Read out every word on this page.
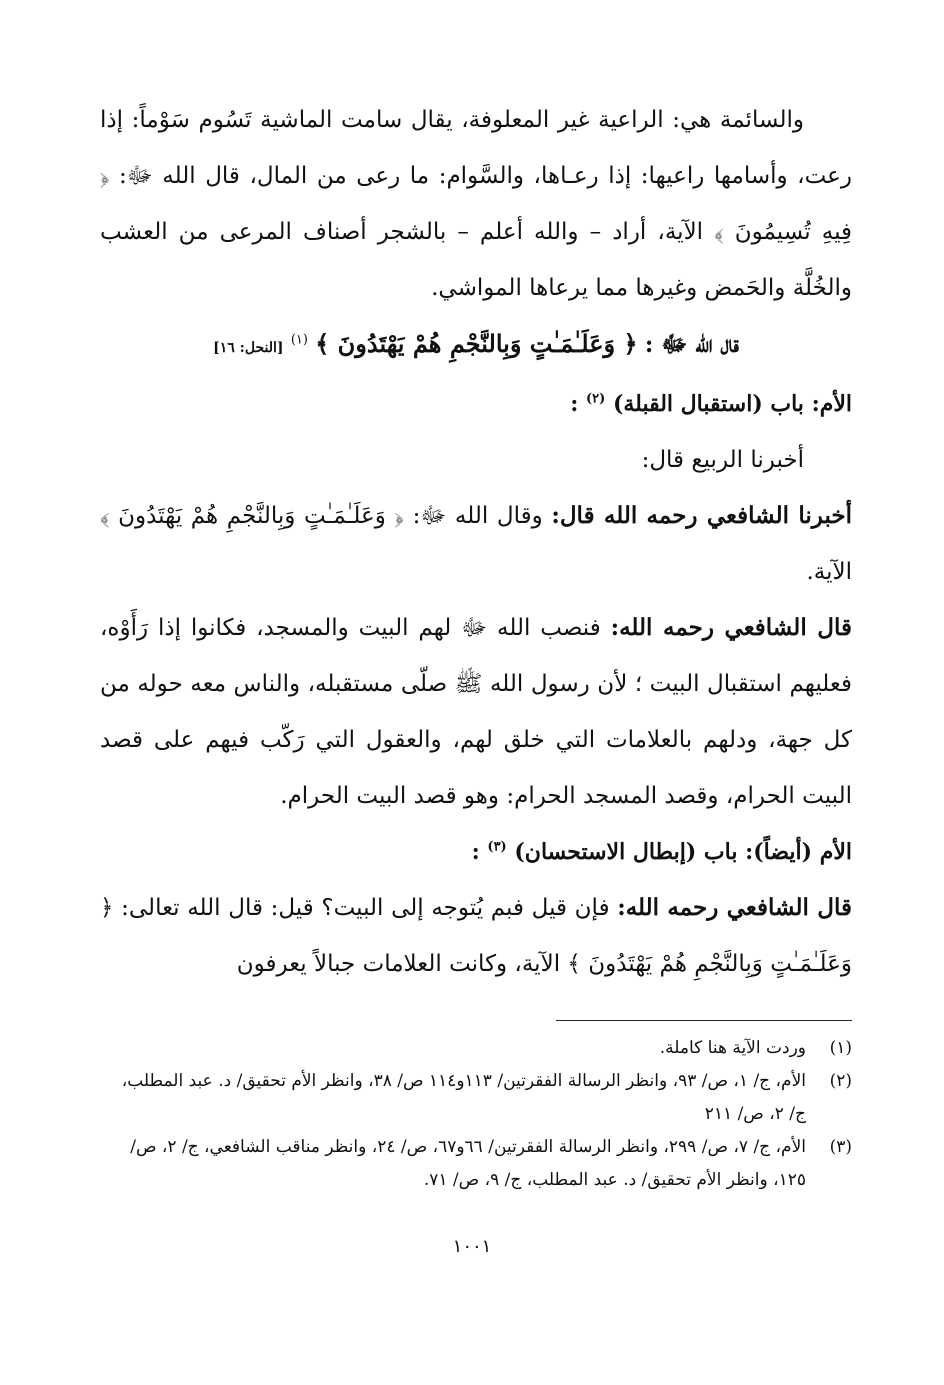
والسائمة هي: الراعية غير المعلوفة، يقال سامت الماشية تَسُوم سَوْماً: إذا رعت، وأسامها راعيها: إذا رعـاها، والسَّوام: ما رعى من المال، قال الله ﷻ: ﴿ فِيهِ تُسِيمُونَ ﴾ الآية، أراد – والله أعلم – بالشجر أصناف المرعى من العشب والخُلَّة والحَمض وغيرها مما يرعاها المواشي.

قال الله ﷻ : ﴿ وَعَلَـٰمَـٰتٍ وَبِالنَّجْمِ هُمْ يَهْتَدُونَ ﴾ $^{(١)}$ [النحل: ١٦]

الأم: باب (استقبال القبلة) $^{(٢)}$ :

أخبرنا الربيع قال:

أخبرنا الشافعي رحمه الله قال: وقال الله ﷻ: ﴿ وَعَلَـٰمَـٰتٍ وَبِالنَّجْمِ هُمْ يَهْتَدُونَ ﴾ الآية.

قال الشافعي رحمه الله: فنصب الله ﷻ لهم البيت والمسجد، فكانوا إذا رَأَوْه، فعليهم استقبال البيت ؛ لأن رسول الله ﷺ صلّى مستقبله، والناس معه حوله من كل جهة، ودلهم بالعلامات التي خلق لهم، والعقول التي رَكّب فيهم على قصد البيت الحرام، وقصد المسجد الحرام: وهو قصد البيت الحرام.

الأم (أيضاً): باب (إبطال الاستحسان) $^{(٣)}$ :

قال الشافعي رحمه الله: فإن قيل فبم يُتوجه إلى البيت؟ قيل: قال الله تعالى: ﴿ وَعَلَـٰمَـٰتٍ وَبِالنَّجْمِ هُمْ يَهْتَدُونَ ﴾ الآية، وكانت العلامات جبالاً يعرفون

(١)
وردت الآية هنا كاملة.
(٢)
الأم، ج/ ١، ص/ ٩٣، وانظر الرسالة الفقرتين/ ١١٣و١١٤ ص/ ٣٨، وانظر الأم تحقيق/ د. عبد المطلب، ج/ ٢، ص/ ٢١١
(٣)
الأم، ج/ ٧، ص/ ٢٩٩، وانظر الرسالة الفقرتين/ ٦٦و٦٧، ص/ ٢٤، وانظر مناقب الشافعي، ج/ ٢، ص/ ١٢٥، وانظر الأم تحقيق/ د. عبد المطلب، ج/ ٩، ص/ ٧١.
١٠٠١
